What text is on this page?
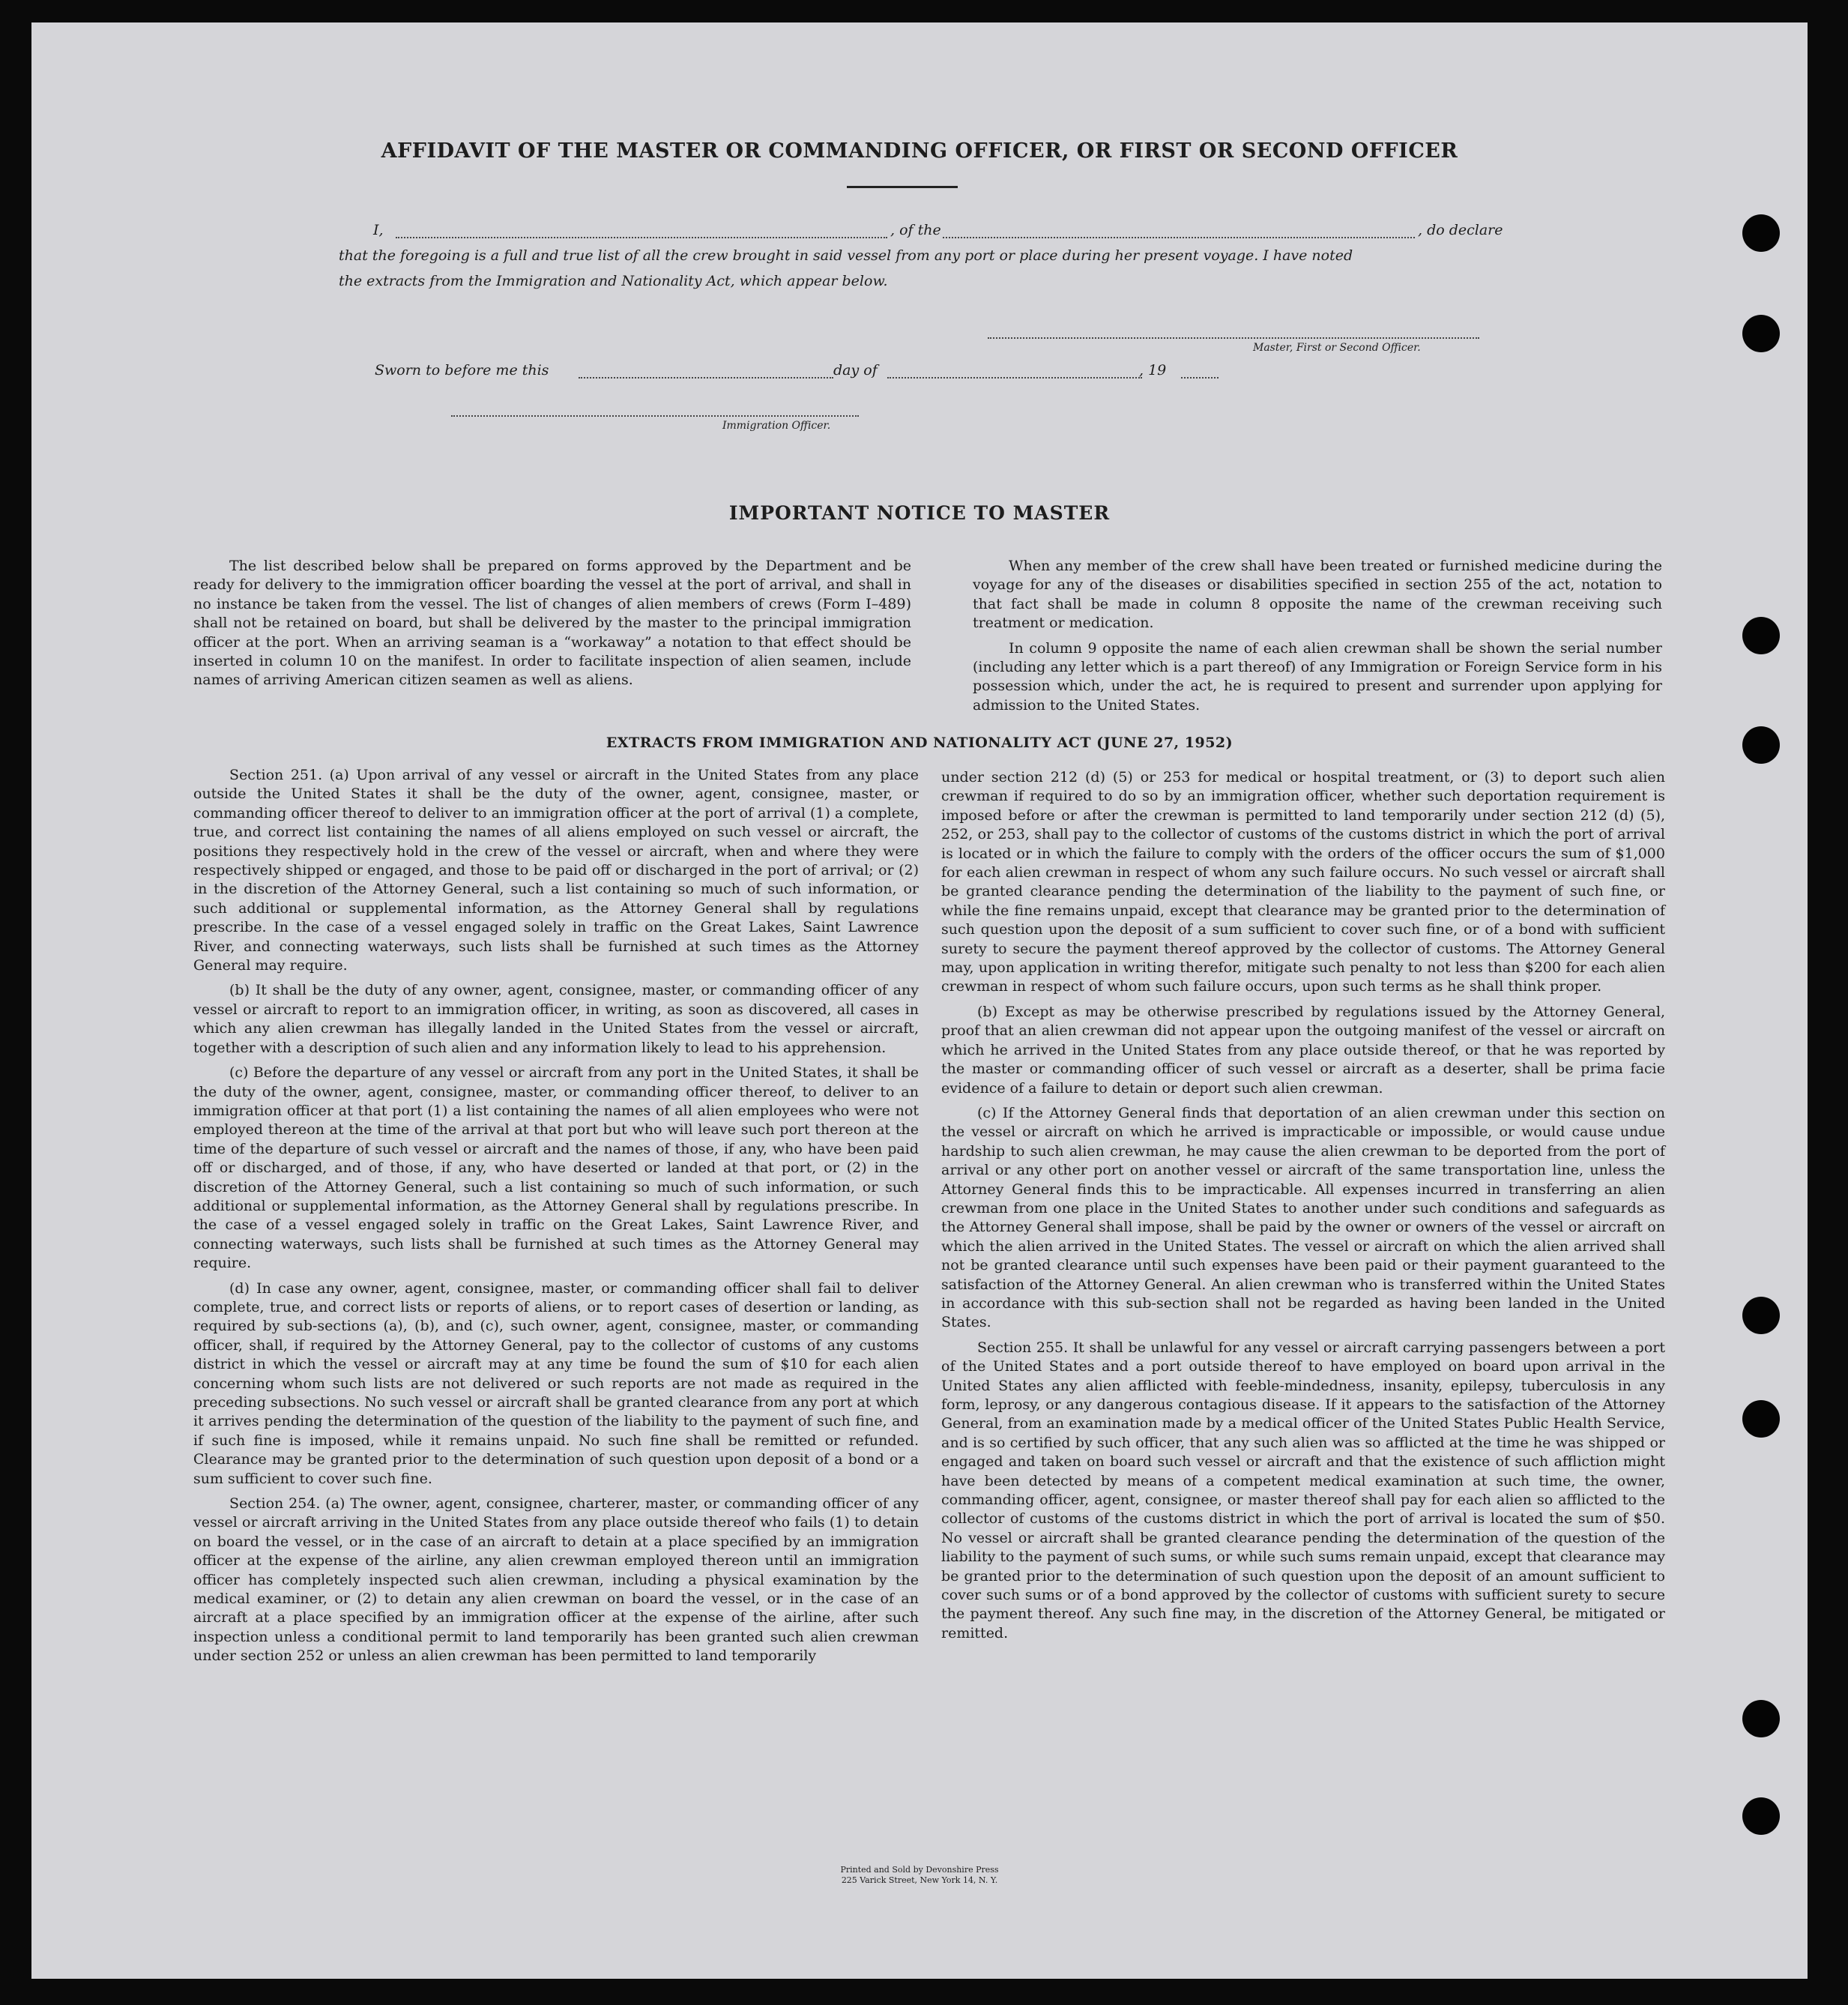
AFFIDAVIT OF THE MASTER OR COMMANDING OFFICER, OR FIRST OR SECOND OFFICER
I,	, of the	, do declare
that the foregoing is a full and true list of all the crew brought in said vessel from any port or place during her present voyage. I have noted
the extracts from the Immigration and Nationality Act, which appear below.
Master, First or Second Officer.
Sworn to before me this	day of	, 19
Immigration Officer.
IMPORTANT NOTICE TO MASTER

The list described below shall be prepared on forms approved by the Department and be ready for delivery to the immigration officer boarding the vessel at the port of arrival, and shall in no instance be taken from the vessel. The list of changes of alien members of crews (Form I–489) shall not be retained on board, but shall be delivered by the master to the principal immigration officer at the port. When an arriving seaman is a “workaway” a notation to that effect should be inserted in column 10 on the manifest. In order to facilitate inspection of alien seamen, include names of arriving American citizen seamen as well as aliens.

When any member of the crew shall have been treated or furnished medicine during the voyage for any of the diseases or disabilities specified in section 255 of the act, notation to that fact shall be made in column 8 opposite the name of the crewman receiving such treatment or medication.

In column 9 opposite the name of each alien crewman shall be shown the serial number (including any letter which is a part thereof) of any Immigration or Foreign Service form in his possession which, under the act, he is required to present and surrender upon applying for admission to the United States.

EXTRACTS FROM IMMIGRATION AND NATIONALITY ACT (JUNE 27, 1952)

Section 251. (a) Upon arrival of any vessel or aircraft in the United States from any place outside the United States it shall be the duty of the owner, agent, consignee, master, or commanding officer thereof to deliver to an immigration officer at the port of arrival (1) a complete, true, and correct list containing the names of all aliens employed on such vessel or aircraft, the positions they respectively hold in the crew of the vessel or aircraft, when and where they were respectively shipped or engaged, and those to be paid off or discharged in the port of arrival; or (2) in the discretion of the Attorney General, such a list containing so much of such information, or such additional or supplemental information, as the Attorney General shall by regulations prescribe. In the case of a vessel engaged solely in traffic on the Great Lakes, Saint Lawrence River, and connecting waterways, such lists shall be furnished at such times as the Attorney General may require.

(b) It shall be the duty of any owner, agent, consignee, master, or commanding officer of any vessel or aircraft to report to an immigration officer, in writing, as soon as discovered, all cases in which any alien crewman has illegally landed in the United States from the vessel or aircraft, together with a description of such alien and any information likely to lead to his apprehension.

(c) Before the departure of any vessel or aircraft from any port in the United States, it shall be the duty of the owner, agent, consignee, master, or commanding officer thereof, to deliver to an immigration officer at that port (1) a list containing the names of all alien employees who were not employed thereon at the time of the arrival at that port but who will leave such port thereon at the time of the departure of such vessel or aircraft and the names of those, if any, who have been paid off or discharged, and of those, if any, who have deserted or landed at that port, or (2) in the discretion of the Attorney General, such a list containing so much of such information, or such additional or supplemental information, as the Attorney General shall by regulations prescribe. In the case of a vessel engaged solely in traffic on the Great Lakes, Saint Lawrence River, and connecting waterways, such lists shall be furnished at such times as the Attorney General may require.

(d) In case any owner, agent, consignee, master, or commanding officer shall fail to deliver complete, true, and correct lists or reports of aliens, or to report cases of desertion or landing, as required by sub-sections (a), (b), and (c), such owner, agent, consignee, master, or commanding officer, shall, if required by the Attorney General, pay to the collector of customs of any customs district in which the vessel or aircraft may at any time be found the sum of $10 for each alien concerning whom such lists are not delivered or such reports are not made as required in the preceding subsections. No such vessel or aircraft shall be granted clearance from any port at which it arrives pending the determination of the question of the liability to the payment of such fine, and if such fine is imposed, while it remains unpaid. No such fine shall be remitted or refunded. Clearance may be granted prior to the determination of such question upon deposit of a bond or a sum sufficient to cover such fine.

Section 254. (a) The owner, agent, consignee, charterer, master, or commanding officer of any vessel or aircraft arriving in the United States from any place outside thereof who fails (1) to detain on board the vessel, or in the case of an aircraft to detain at a place specified by an immigration officer at the expense of the airline, any alien crewman employed thereon until an immigration officer has completely inspected such alien crewman, including a physical examination by the medical examiner, or (2) to detain any alien crewman on board the vessel, or in the case of an aircraft at a place specified by an immigration officer at the expense of the airline, after such inspection unless a conditional permit to land temporarily has been granted such alien crewman under section 252 or unless an alien crewman has been permitted to land temporarily

under section 212 (d) (5) or 253 for medical or hospital treatment, or (3) to deport such alien crewman if required to do so by an immigration officer, whether such deportation requirement is imposed before or after the crewman is permitted to land temporarily under section 212 (d) (5), 252, or 253, shall pay to the collector of customs of the customs district in which the port of arrival is located or in which the failure to comply with the orders of the officer occurs the sum of $1,000 for each alien crewman in respect of whom any such failure occurs. No such vessel or aircraft shall be granted clearance pending the determination of the liability to the payment of such fine, or while the fine remains unpaid, except that clearance may be granted prior to the determination of such question upon the deposit of a sum sufficient to cover such fine, or of a bond with sufficient surety to secure the payment thereof approved by the collector of customs. The Attorney General may, upon application in writing therefor, mitigate such penalty to not less than $200 for each alien crewman in respect of whom such failure occurs, upon such terms as he shall think proper.

(b) Except as may be otherwise prescribed by regulations issued by the Attorney General, proof that an alien crewman did not appear upon the outgoing manifest of the vessel or aircraft on which he arrived in the United States from any place outside thereof, or that he was reported by the master or commanding officer of such vessel or aircraft as a deserter, shall be prima facie evidence of a failure to detain or deport such alien crewman.

(c) If the Attorney General finds that deportation of an alien crewman under this section on the vessel or aircraft on which he arrived is impracticable or impossible, or would cause undue hardship to such alien crewman, he may cause the alien crewman to be deported from the port of arrival or any other port on another vessel or aircraft of the same transportation line, unless the Attorney General finds this to be impracticable. All expenses incurred in transferring an alien crewman from one place in the United States to another under such conditions and safeguards as the Attorney General shall impose, shall be paid by the owner or owners of the vessel or aircraft on which the alien arrived in the United States. The vessel or aircraft on which the alien arrived shall not be granted clearance until such expenses have been paid or their payment guaranteed to the satisfaction of the Attorney General. An alien crewman who is transferred within the United States in accordance with this sub-section shall not be regarded as having been landed in the United States.

Section 255. It shall be unlawful for any vessel or aircraft carrying passengers between a port of the United States and a port outside thereof to have employed on board upon arrival in the United States any alien afflicted with feeble-mindedness, insanity, epilepsy, tuberculosis in any form, leprosy, or any dangerous contagious disease. If it appears to the satisfaction of the Attorney General, from an examination made by a medical officer of the United States Public Health Service, and is so certified by such officer, that any such alien was so afflicted at the time he was shipped or engaged and taken on board such vessel or aircraft and that the existence of such affliction might have been detected by means of a competent medical examination at such time, the owner, commanding officer, agent, consignee, or master thereof shall pay for each alien so afflicted to the collector of customs of the customs district in which the port of arrival is located the sum of $50. No vessel or aircraft shall be granted clearance pending the determination of the question of the liability to the payment of such sums, or while such sums remain unpaid, except that clearance may be granted prior to the determination of such question upon the deposit of an amount sufficient to cover such sums or of a bond approved by the collector of customs with sufficient surety to secure the payment thereof. Any such fine may, in the discretion of the Attorney General, be mitigated or remitted.

Printed and Sold by Devonshire Press
225 Varick Street, New York 14, N. Y.
